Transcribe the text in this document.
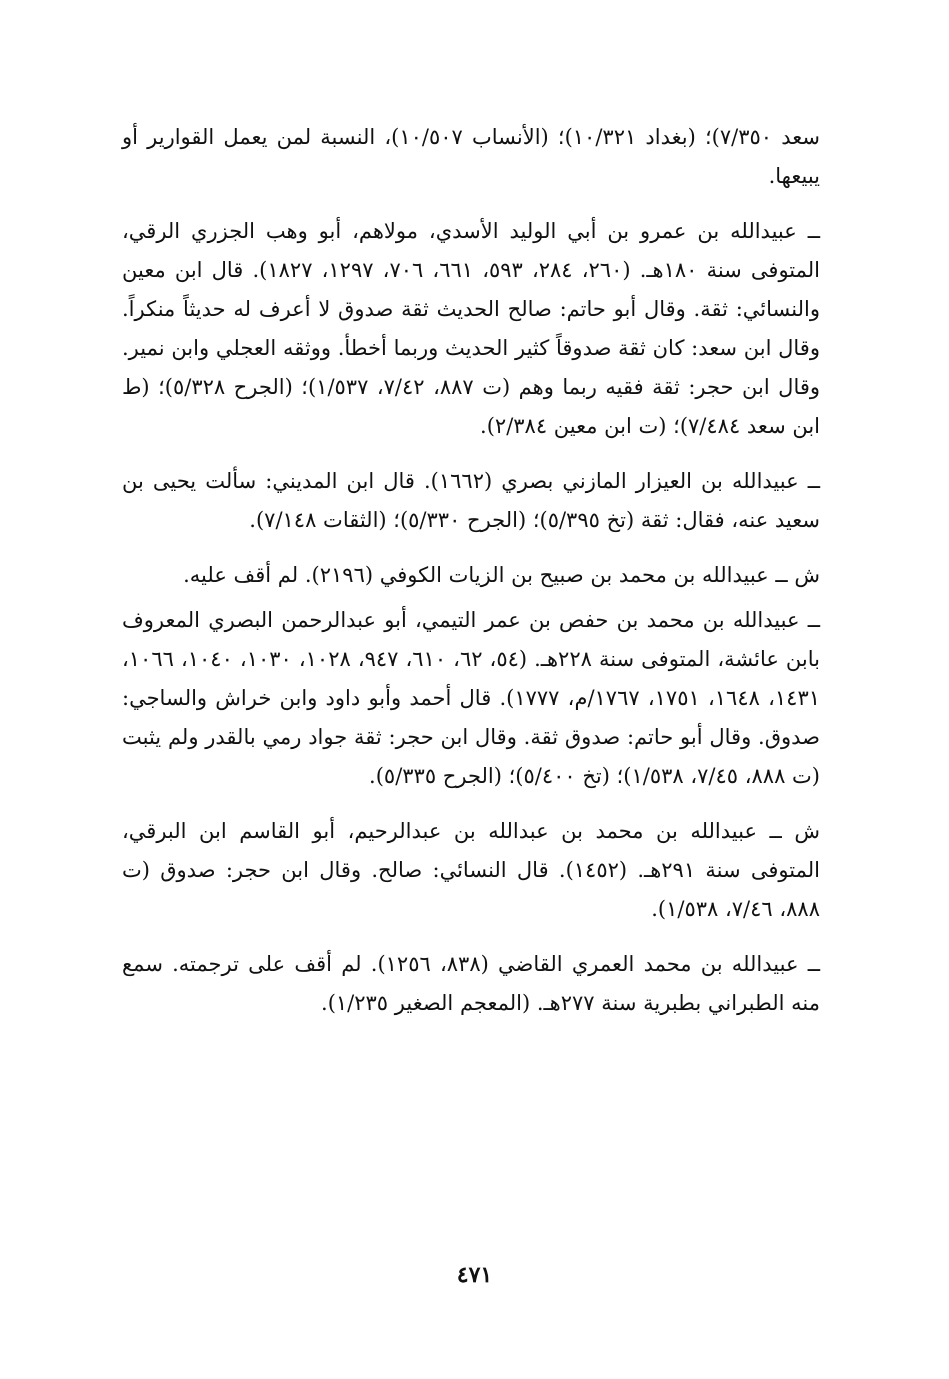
سعد ٧/٣٥٠)؛ (بغداد ١٠/٣٢١)؛ (الأنساب ١٠/٥٠٧)، النسبة لمن يعمل القوارير أو يبيعها.

ــ عبيدالله بن عمرو بن أبي الوليد الأسدي، مولاهم، أبو وهب الجزري الرقي، المتوفى سنة ١٨٠هـ. (٢٦٠، ٢٨٤، ٥٩٣، ٦٦١، ٧٠٦، ١٢٩٧، ١٨٢٧). قال ابن معين والنسائي: ثقة. وقال أبو حاتم: صالح الحديث ثقة صدوق لا أعرف له حديثاً منكراً. وقال ابن سعد: كان ثقة صدوقاً كثير الحديث وربما أخطأ. ووثقه العجلي وابن نمير. وقال ابن حجر: ثقة فقيه ربما وهم (ت ٨٨٧، ٧/٤٢، ١/٥٣٧)؛ (الجرح ٥/٣٢٨)؛ (ط ابن سعد ٧/٤٨٤)؛ (ت ابن معين ٢/٣٨٤).

ــ عبيدالله بن العيزار المازني بصري (١٦٦٢). قال ابن المديني: سألت يحيى بن سعيد عنه، فقال: ثقة (تخ ٥/٣٩٥)؛ (الجرح ٥/٣٣٠)؛ (الثقات ٧/١٤٨).

ش ــ عبيدالله بن محمد بن صبيح بن الزيات الكوفي (٢١٩٦). لم أقف عليه.

ــ عبيدالله بن محمد بن حفص بن عمر التيمي، أبو عبدالرحمن البصري المعروف بابن عائشة، المتوفى سنة ٢٢٨هـ. (٥٤، ٦٢، ٦١٠، ٩٤٧، ١٠٢٨، ١٠٣٠، ١٠٤٠، ١٠٦٦، ١٤٣١، ١٦٤٨، ١٧٥١، ١٧٦٧/م، ١٧٧٧). قال أحمد وأبو داود وابن خراش والساجي: صدوق. وقال أبو حاتم: صدوق ثقة. وقال ابن حجر: ثقة جواد رمي بالقدر ولم يثبت (ت ٨٨٨، ٧/٤٥، ١/٥٣٨)؛ (تخ ٥/٤٠٠)؛ (الجرح ٥/٣٣٥).

ش ــ عبيدالله بن محمد بن عبدالله بن عبدالرحيم، أبو القاسم ابن البرقي، المتوفى سنة ٢٩١هـ. (١٤٥٢). قال النسائي: صالح. وقال ابن حجر: صدوق (ت ٨٨٨، ٧/٤٦، ١/٥٣٨).

ــ عبيدالله بن محمد العمري القاضي (٨٣٨، ١٢٥٦). لم أقف على ترجمته. سمع منه الطبراني بطبرية سنة ٢٧٧هـ. (المعجم الصغير ١/٢٣٥).

٤٧١
